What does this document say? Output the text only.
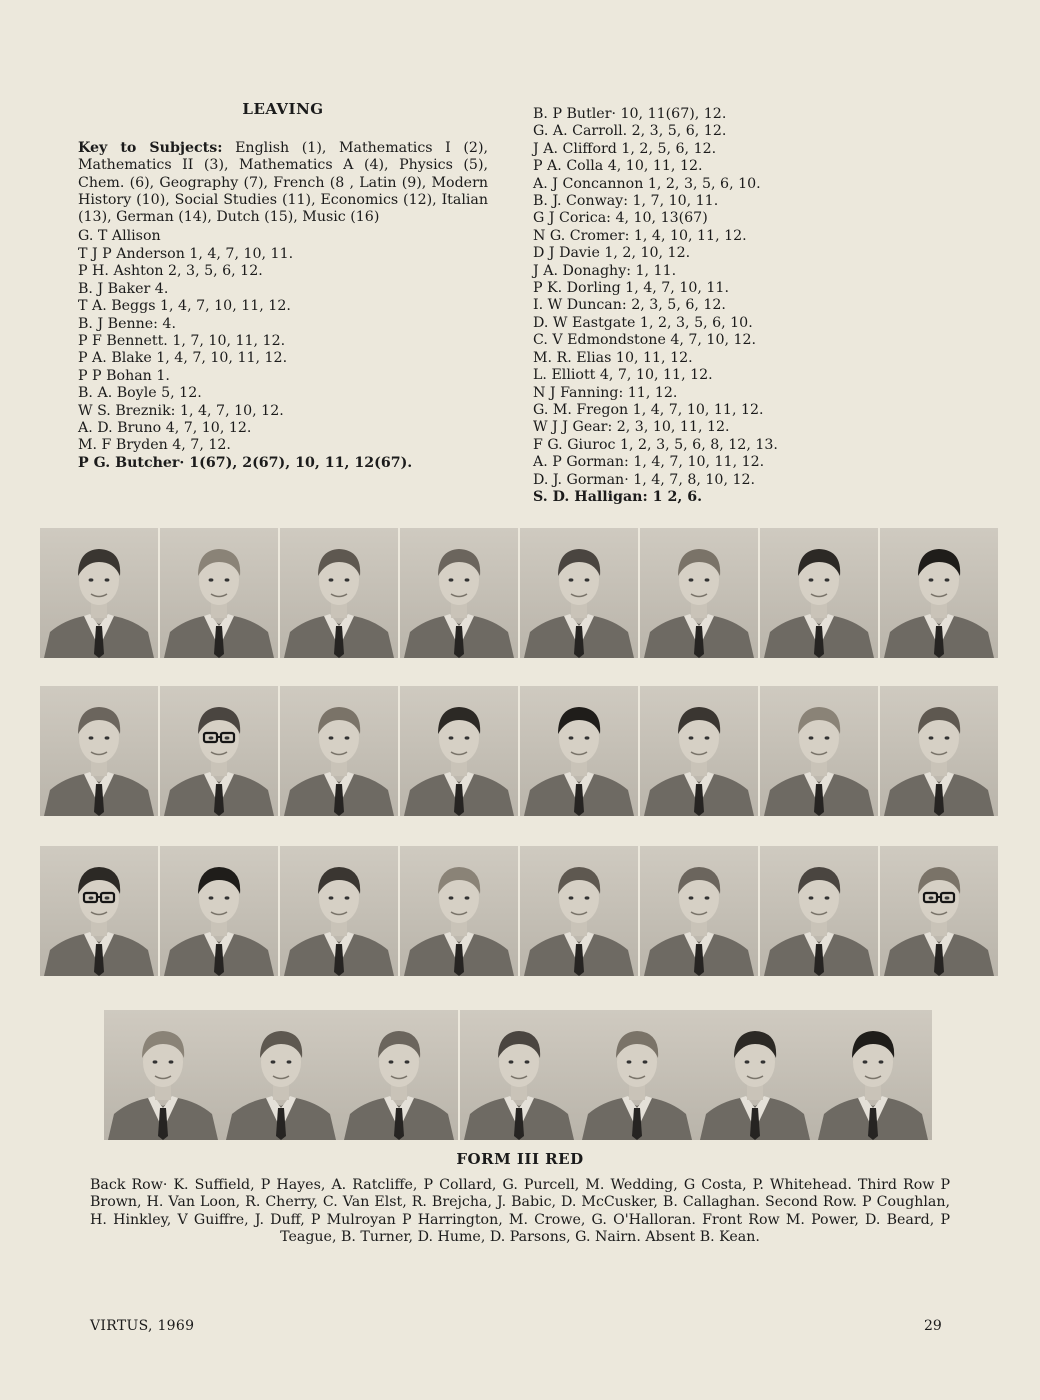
LEAVING

Key to Subjects: English (1), Mathematics I (2), Mathematics II (3), Mathematics A (4), Physics (5), Chem. (6), Geography (7), French (8 , Latin (9), Modern History (10), Social Studies (11), Economics (12), Italian (13), German (14), Dutch (15), Music (16)

G. T Allison
T J P Anderson 1, 4, 7, 10, 11.
P H. Ashton 2, 3, 5, 6, 12.
B. J Baker 4.
T A. Beggs 1, 4, 7, 10, 11, 12.
B. J Benne: 4.
P F Bennett. 1, 7, 10, 11, 12.
P A. Blake 1, 4, 7, 10, 11, 12.
P P Bohan 1.
B. A. Boyle 5, 12.
W S. Breznik: 1, 4, 7, 10, 12.
A. D. Bruno 4, 7, 10, 12.
M. F Bryden 4, 7, 12.
P G. Butcher· 1(67), 2(67), 10, 11, 12(67).
B. P Butler· 10, 11(67), 12.
G. A. Carroll. 2, 3, 5, 6, 12.
J A. Clifford 1, 2, 5, 6, 12.
P A. Colla 4, 10, 11, 12.
A. J Concannon 1, 2, 3, 5, 6, 10.
B. J. Conway: 1, 7, 10, 11.
G J Corica: 4, 10, 13(67)
N G. Cromer: 1, 4, 10, 11, 12.
D J Davie 1, 2, 10, 12.
J A. Donaghy: 1, 11.
P K. Dorling 1, 4, 7, 10, 11.
I. W Duncan: 2, 3, 5, 6, 12.
D. W Eastgate 1, 2, 3, 5, 6, 10.
C. V Edmondstone 4, 7, 10, 12.
M. R. Elias 10, 11, 12.
L. Elliott 4, 7, 10, 11, 12.
N J Fanning: 11, 12.
G. M. Fregon 1, 4, 7, 10, 11, 12.
W J J Gear: 2, 3, 10, 11, 12.
F G. Giuroc 1, 2, 3, 5, 6, 8, 12, 13.
A. P Gorman: 1, 4, 7, 10, 11, 12.
D. J. Gorman· 1, 4, 7, 8, 10, 12.
S. D. Halligan: 1 2, 6.
FORM III RED
Back Row· K. Suffield, P Hayes, A. Ratcliffe, P Collard, G. Purcell, M. Wedding, G Costa, P. Whitehead. Third Row P Brown, H. Van Loon, R. Cherry, C. Van Elst, R. Brejcha, J. Babic, D. McCusker, B. Callaghan. Second Row. P Coughlan, H. Hinkley, V Guiffre, J. Duff, P Mulroyan P Harrington, M. Crowe, G. O'Halloran. Front Row M. Power, D. Beard, P Teague, B. Turner, D. Hume, D. Parsons, G. Nairn. Absent B. Kean.
VIRTUS, 1969	29
